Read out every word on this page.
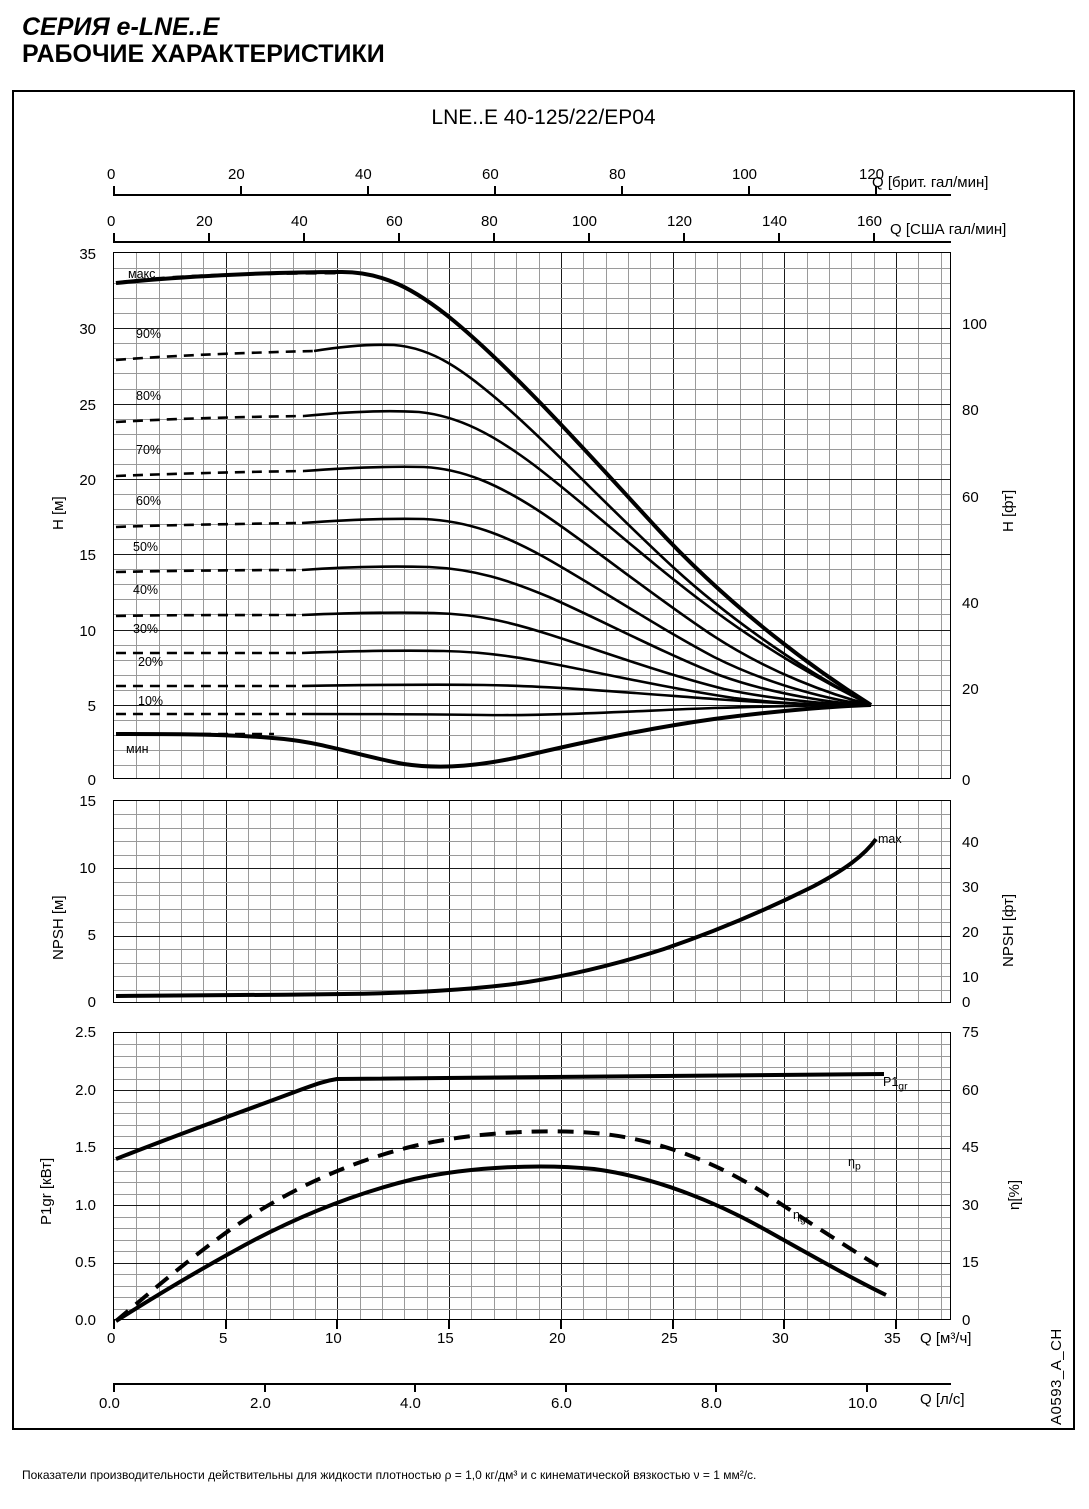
СЕРИЯ e-LNE..E
РАБОЧИЕ ХАРАКТЕРИСТИКИ
LNE..E 40-125/22/EP04
0	20	40	60	80	100	120
Q [брит. гал/мин]
0	20	40	60	80	100	120	140	160 Q [США гал/мин]
макс
90%
80%
70%
60%
50%
40%
30%
20%
10%
мин
35
30
25
20
15
10
5
0
H [м]
100
80
60
40
20
0
H [фт]
max
15
10
5
0
NPSH [м]
40
30
20
10
0
NPSH [фт]
$P1_{gr}$
$\eta_p$
$\eta_{gr}$
2.5
2.0
1.5
1.0
0.5
0.0
P1gr [кВт]
75
60
45
30
15
0
η[%]
0	5	10	15	20	25	30	35 Q [м³/ч]
0.0	2.0	4.0	6.0	8.0	10.0	Q [л/с]	A0593_A_CH
Показатели производительности действительны для жидкости плотностью ρ = 1,0 кг/дм³ и с кинематической вязкостью ν = 1 мм²/с.
